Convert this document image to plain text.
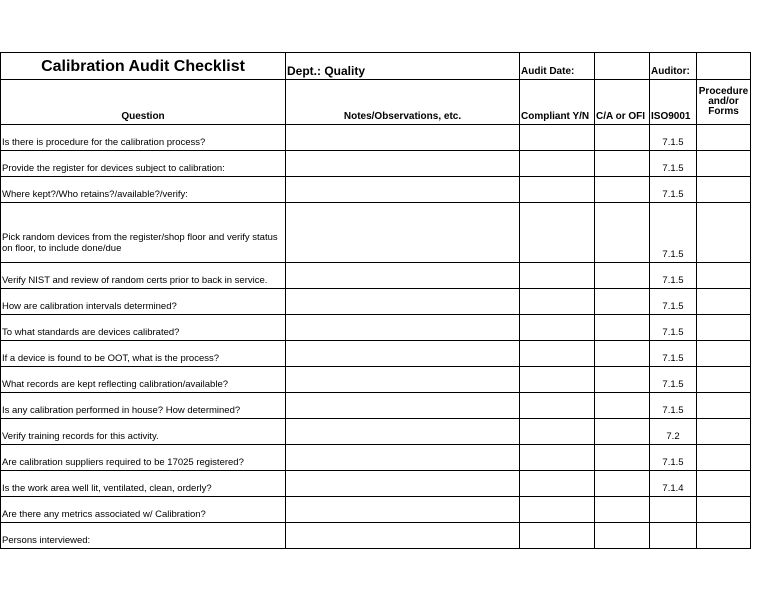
Calibration Audit Checklist	Dept.: Quality	Audit Date:		Auditor:	
Question	Notes/Observations, etc.	Compliant Y/N	C/A or OFI	ISO9001	Procedure and/or Forms
Is there is procedure for the calibration process?				7.1.5	
Provide the register for devices subject to calibration:				7.1.5	
Where kept?/Who retains?/available?/verify:				7.1.5	
Pick random devices from the register/shop floor and verify status on floor, to include done/due				7.1.5	
Verify NIST and review of random certs prior to back in service.				7.1.5	
How are calibration intervals determined?				7.1.5	
To what standards are devices calibrated?				7.1.5	
If a device is found to be OOT, what is the process?				7.1.5	
What records are kept reflecting calibration/available?				7.1.5	
Is any calibration performed in house? How determined?				7.1.5	
Verify training records for this activity.				7.2	
Are calibration suppliers required to be 17025 registered?				7.1.5	
Is the work area well lit, ventilated, clean, orderly?				7.1.4	
Are there any metrics associated w/ Calibration?					
Persons interviewed:					
